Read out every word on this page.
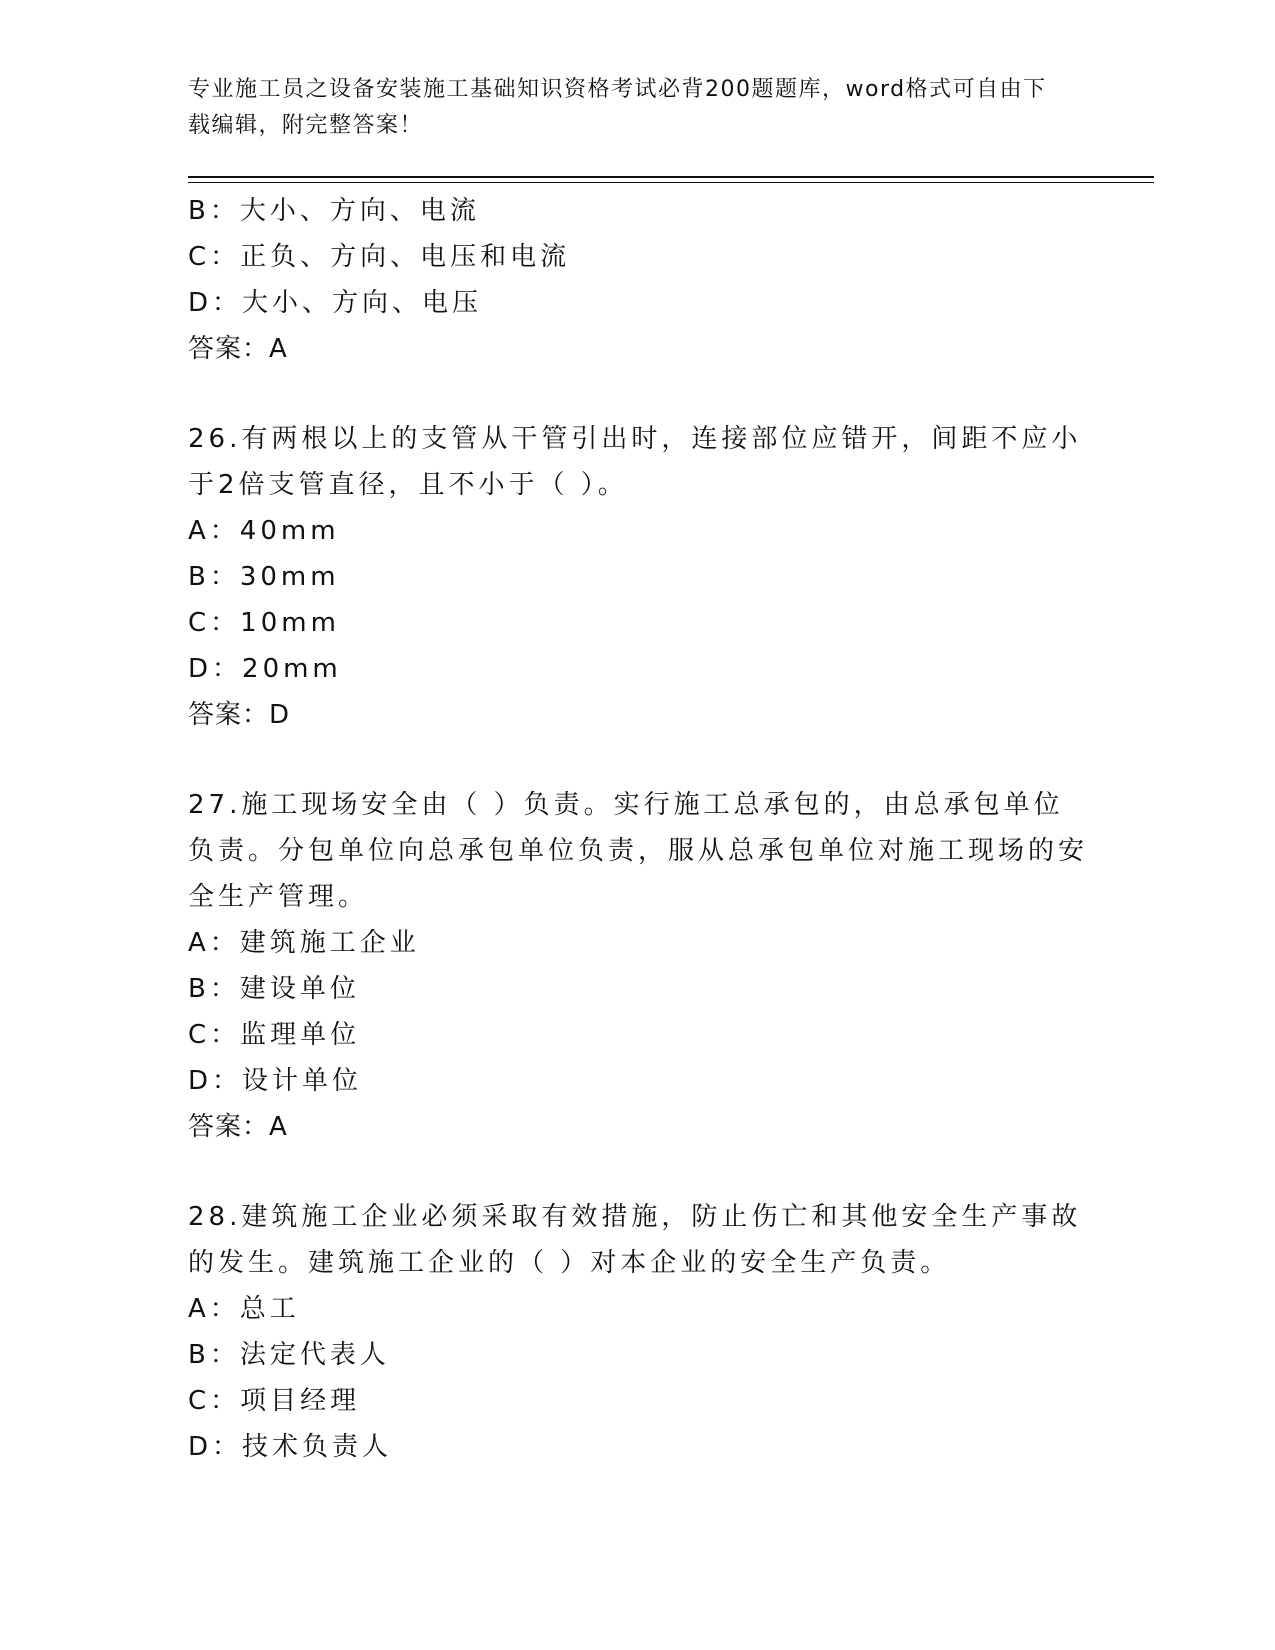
专业施工员之设备安装施工基础知识资格考试必背200题题库，word格式可自由下载编辑，附完整答案！
B：大小、方向、电流
C：正负、方向、电压和电流
D：大小、方向、电压
答案：A
26.有两根以上的支管从干管引出时，连接部位应错开，间距不应小于2倍支管直径，且不小于（ ）。
A：40mm
B：30mm
C：10mm
D：20mm
答案：D
27.施工现场安全由（ ）负责。实行施工总承包的，由总承包单位负责。分包单位向总承包单位负责，服从总承包单位对施工现场的安全生产管理。
A：建筑施工企业
B：建设单位
C：监理单位
D：设计单位
答案：A
28.建筑施工企业必须采取有效措施，防止伤亡和其他安全生产事故的发生。建筑施工企业的（ ）对本企业的安全生产负责。
A：总工
B：法定代表人
C：项目经理
D：技术负责人
